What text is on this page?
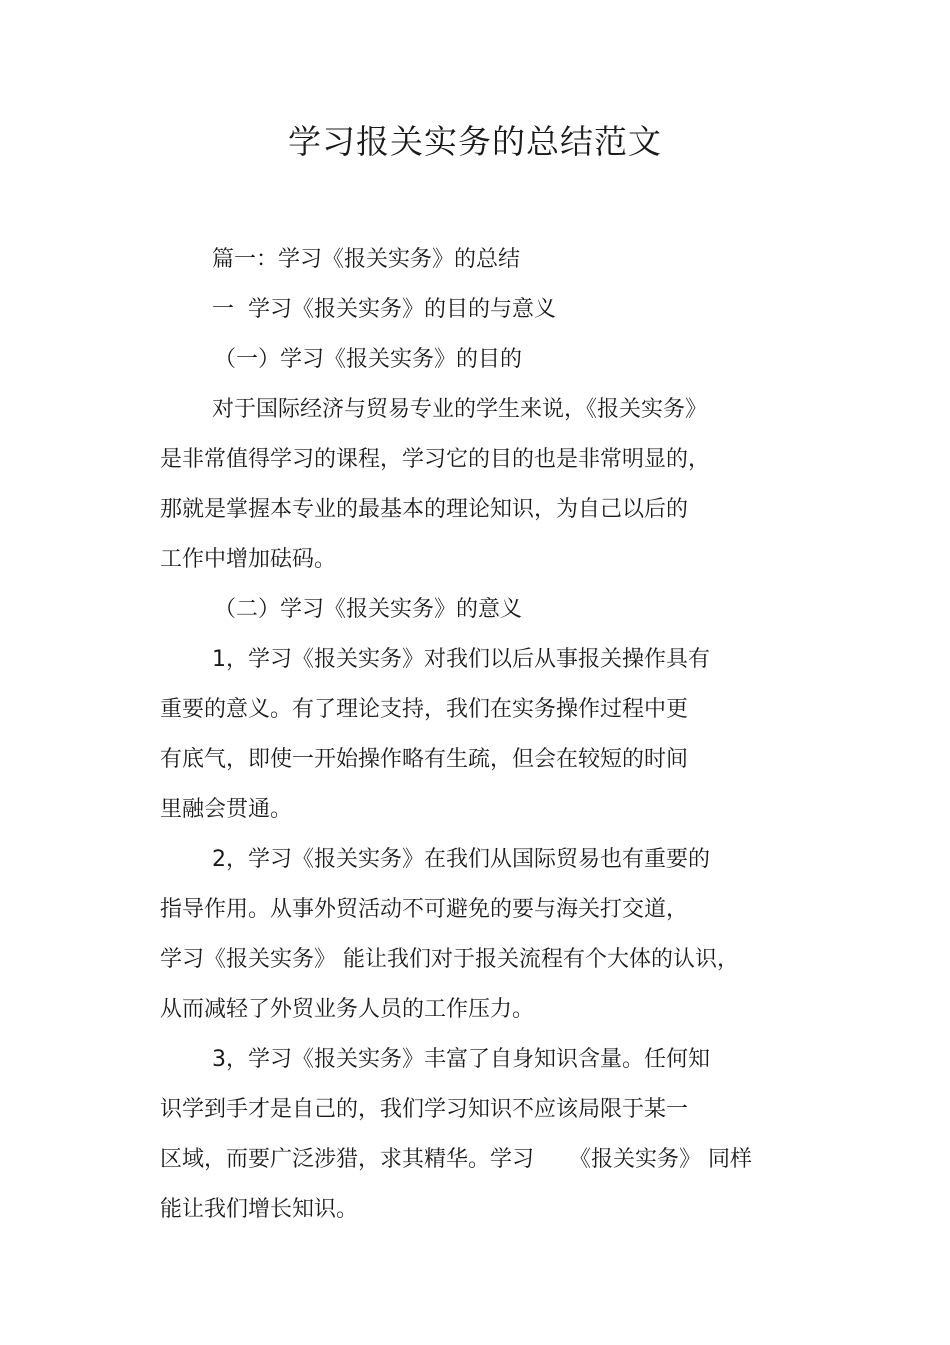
学习报关实务的总结范文

篇一：学习《报关实务》的总结

一  学习《报关实务》的目的与意义

（一）学习《报关实务》的目的

对于国际经济与贸易专业的学生来说，《报关实务》

是非常值得学习的课程，学习它的目的也是非常明显的，

那就是掌握本专业的最基本的理论知识，为自己以后的

工作中增加砝码。

（二）学习《报关实务》的意义

1，学习《报关实务》对我们以后从事报关操作具有

重要的意义。有了理论支持，我们在实务操作过程中更

有底气，即使一开始操作略有生疏，但会在较短的时间

里融会贯通。

2，学习《报关实务》在我们从国际贸易也有重要的

指导作用。从事外贸活动不可避免的要与海关打交道，

学习《报关实务》 能让我们对于报关流程有个大体的认识，

从而减轻了外贸业务人员的工作压力。

3，学习《报关实务》丰富了自身知识含量。任何知

识学到手才是自己的，我们学习知识不应该局限于某一

区域，而要广泛涉猎，求其精华。学习     《报关实务》 同样

能让我们增长知识。
